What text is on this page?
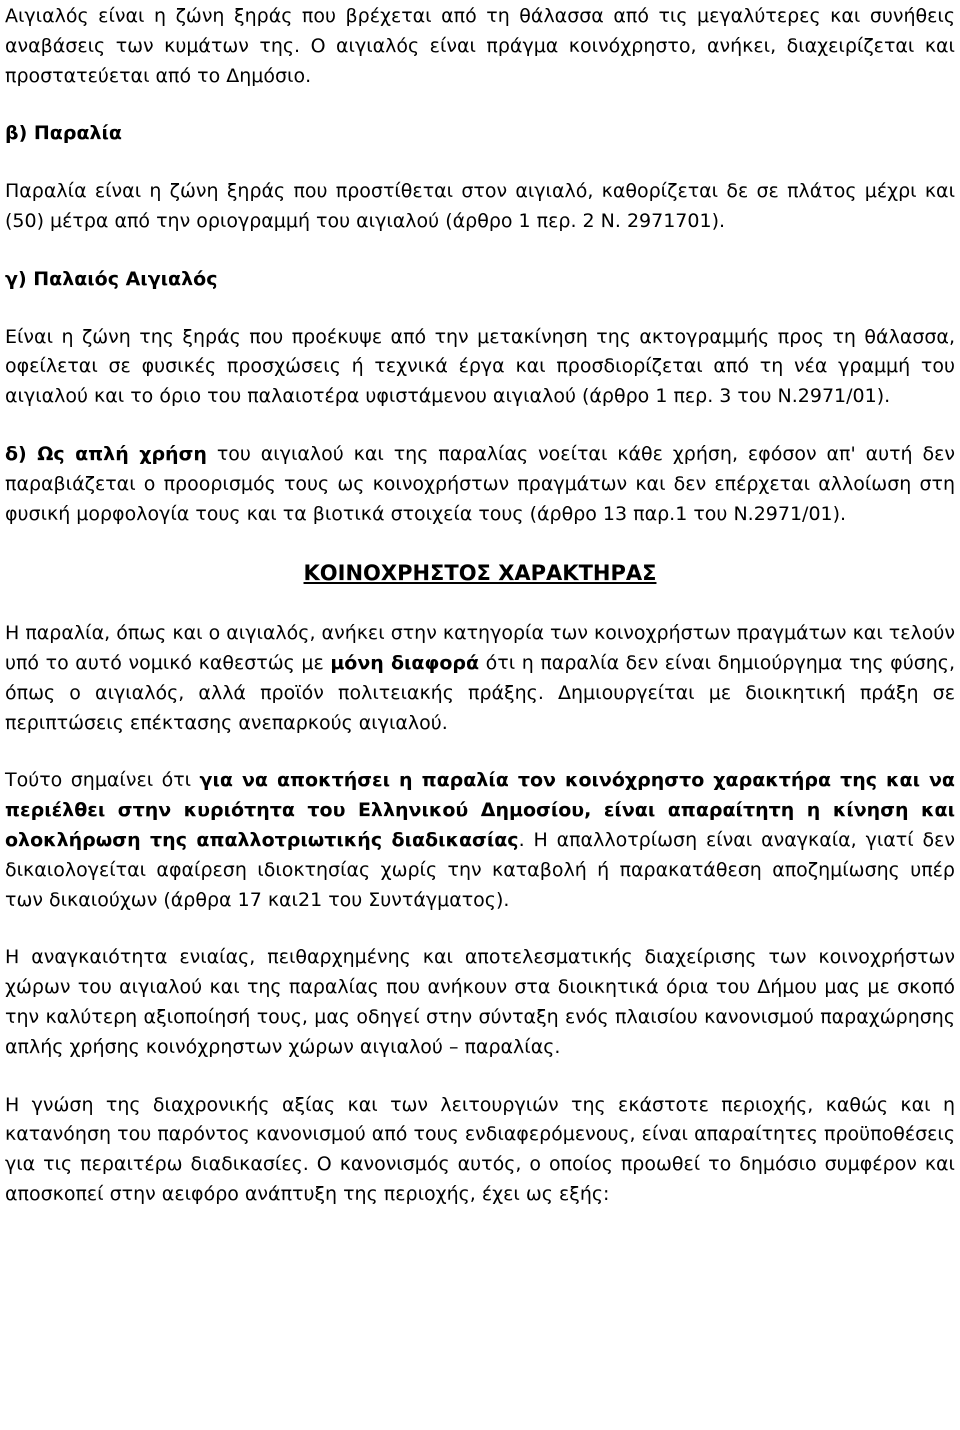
Αιγιαλός είναι η ζώνη ξηράς που βρέχεται από τη θάλασσα από τις μεγαλύτερες και συνήθεις αναβάσεις των κυμάτων της. Ο αιγιαλός είναι πράγμα κοινόχρηστο, ανήκει, διαχειρίζεται και προστατεύεται από το Δημόσιο.

β) Παραλία

Παραλία είναι η ζώνη ξηράς που προστίθεται στον αιγιαλό, καθορίζεται δε σε πλάτος μέχρι και (50) μέτρα από την οριογραμμή του αιγιαλού (άρθρο 1 περ. 2 Ν. 2971701).

γ) Παλαιός Αιγιαλός

Είναι η ζώνη της ξηράς που προέκυψε από την μετακίνηση της ακτογραμμής προς τη θάλασσα, οφείλεται σε φυσικές προσχώσεις ή τεχνικά έργα και προσδιορίζεται από τη νέα γραμμή του αιγιαλού και το όριο του παλαιοτέρα υφιστάμενου αιγιαλού (άρθρο 1 περ. 3 του Ν.2971/01).

δ) Ως απλή χρήση του αιγιαλού και της παραλίας νοείται κάθε χρήση, εφόσον απ' αυτή δεν παραβιάζεται ο προορισμός τους ως κοινοχρήστων πραγμάτων και δεν επέρχεται αλλοίωση στη φυσική μορφολογία τους και τα βιοτικά στοιχεία τους (άρθρο 13 παρ.1 του Ν.2971/01).

ΚΟΙΝΟΧΡΗΣΤΟΣ ΧΑΡΑΚΤΗΡΑΣ

Η παραλία, όπως και ο αιγιαλός, ανήκει στην κατηγορία των κοινοχρήστων πραγμάτων και τελούν υπό το αυτό νομικό καθεστώς με μόνη διαφορά ότι η παραλία δεν είναι δημιούργημα της φύσης, όπως ο αιγιαλός, αλλά προϊόν πολιτειακής πράξης. Δημιουργείται με διοικητική πράξη σε περιπτώσεις επέκτασης ανεπαρκούς αιγιαλού.

Τούτο σημαίνει ότι για να αποκτήσει η παραλία τον κοινόχρηστο χαρακτήρα της και να περιέλθει στην κυριότητα του Ελληνικού Δημοσίου, είναι απαραίτητη η κίνηση και ολοκλήρωση της απαλλοτριωτικής διαδικασίας. Η απαλλοτρίωση είναι αναγκαία, γιατί δεν δικαιολογείται αφαίρεση ιδιοκτησίας χωρίς την καταβολή ή παρακατάθεση αποζημίωσης υπέρ των δικαιούχων (άρθρα 17 και21 του Συντάγματος).

Η αναγκαιότητα ενιαίας, πειθαρχημένης και αποτελεσματικής διαχείρισης των κοινοχρήστων χώρων του αιγιαλού και της παραλίας που ανήκουν στα διοικητικά όρια του Δήμου μας με σκοπό την καλύτερη αξιοποίησή τους, μας οδηγεί στην σύνταξη ενός πλαισίου κανονισμού παραχώρησης απλής χρήσης κοινόχρηστων χώρων αιγιαλού – παραλίας.

Η γνώση της διαχρονικής αξίας και των λειτουργιών της εκάστοτε περιοχής, καθώς και η κατανόηση του παρόντος κανονισμού από τους ενδιαφερόμενους, είναι απαραίτητες προϋποθέσεις για τις περαιτέρω διαδικασίες. Ο κανονισμός αυτός, ο οποίος προωθεί το δημόσιο συμφέρον και αποσκοπεί στην αειφόρο ανάπτυξη της περιοχής, έχει ως εξής:
